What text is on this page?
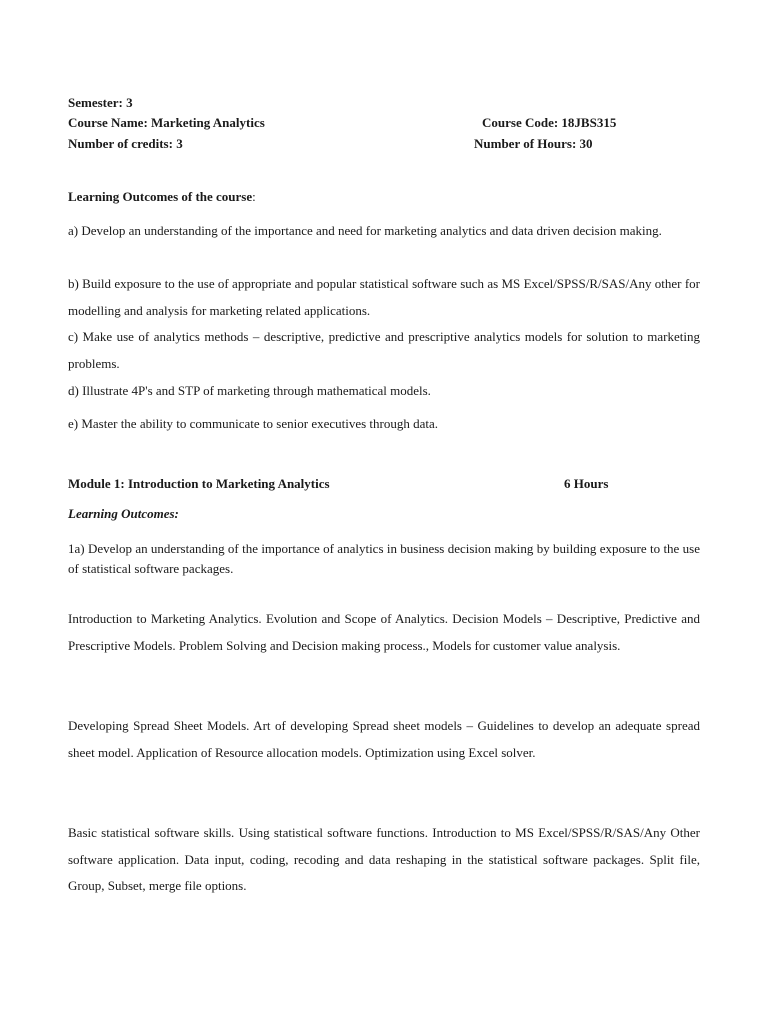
Semester: 3
Course Name: Marketing Analytics	Course Code: 18JBS315
Number of credits: 3	Number of Hours: 30
Learning Outcomes of the course:
a) Develop an understanding of the importance and need for marketing analytics and data driven decision making.
b) Build exposure to the use of appropriate and popular statistical software such as MS Excel/SPSS/R/SAS/Any other for modelling and analysis for marketing related applications.
c) Make use of analytics methods – descriptive, predictive and prescriptive analytics models for solution to marketing problems.
d) Illustrate 4P's and STP of marketing through mathematical models.
e) Master the ability to communicate to senior executives through data.
Module 1: Introduction to Marketing Analytics	6 Hours
Learning Outcomes:
1a) Develop an understanding of the importance of analytics in business decision making by building exposure to the use of statistical software packages.
Introduction to Marketing Analytics. Evolution and Scope of Analytics. Decision Models – Descriptive, Predictive and Prescriptive Models. Problem Solving and Decision making process., Models for customer value analysis.
Developing Spread Sheet Models. Art of developing Spread sheet models – Guidelines to develop an adequate spread sheet model. Application of Resource allocation models. Optimization using Excel solver.
Basic statistical software skills. Using statistical software functions. Introduction to MS Excel/SPSS/R/SAS/Any Other software application. Data input, coding, recoding and data reshaping in the statistical software packages. Split file, Group, Subset, merge file options.
